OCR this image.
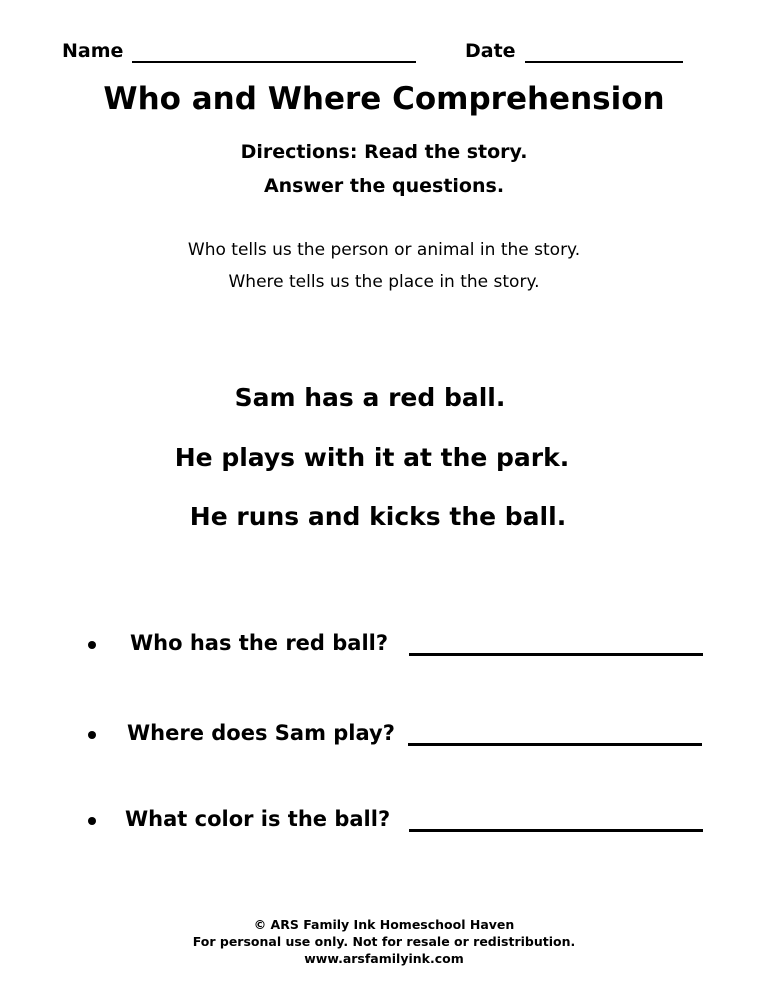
Name	Date
Who and Where Comprehension
Directions: Read the story.
Answer the questions.
Who tells us the person or animal in the story.
Where tells us the place in the story.
Sam has a red ball.
He plays with it at the park.
He runs and kicks the ball.
Who has the red ball?
Where does Sam play?
What color is the ball?
© ARS Family Ink Homeschool Haven
For personal use only. Not for resale or redistribution.
www.arsfamilyink.com
